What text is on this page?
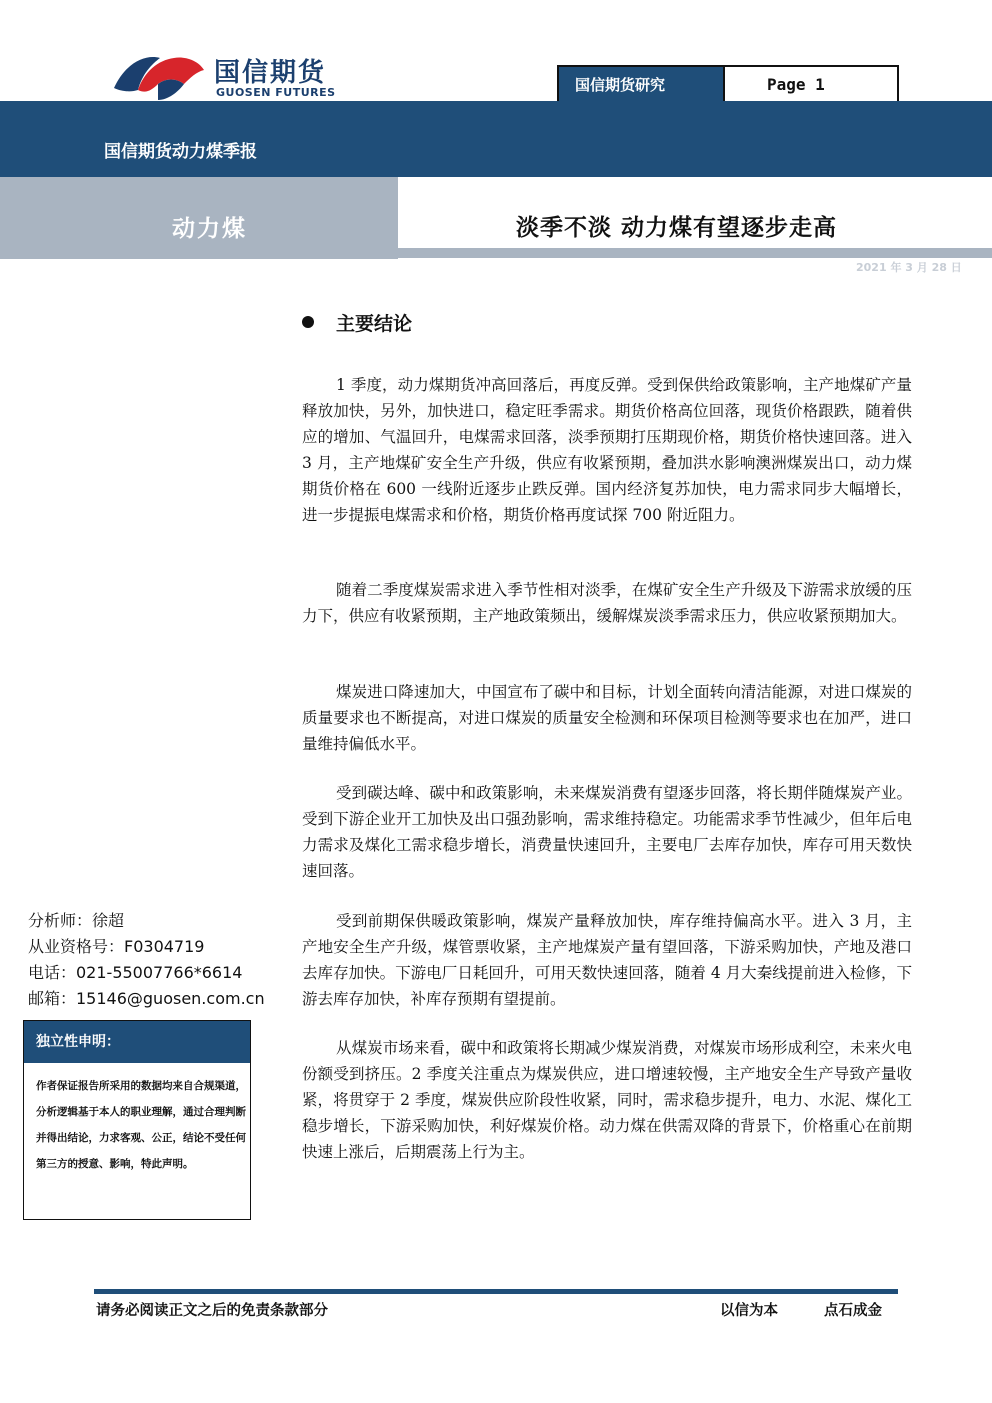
国信期货
GUOSEN FUTURES	国信期货研究	Page 1
国信期货动力煤季报
动力煤	淡季不淡 动力煤有望逐步走高
2021 年 3 月 28 日
主要结论

1 季度，动力煤期货冲高回落后，再度反弹。受到保供给政策影响，主产地煤矿产量释放加快，另外，加快进口，稳定旺季需求。期货价格高位回落，现货价格跟跌，随着供应的增加、气温回升，电煤需求回落，淡季预期打压期现价格，期货价格快速回落。进入 3 月，主产地煤矿安全生产升级，供应有收紧预期，叠加洪水影响澳洲煤炭出口，动力煤期货价格在 600 一线附近逐步止跌反弹。国内经济复苏加快，电力需求同步大幅增长，进一步提振电煤需求和价格，期货价格再度试探 700 附近阻力。

随着二季度煤炭需求进入季节性相对淡季，在煤矿安全生产升级及下游需求放缓的压力下，供应有收紧预期，主产地政策频出，缓解煤炭淡季需求压力，供应收紧预期加大。

煤炭进口降速加大，中国宣布了碳中和目标，计划全面转向清洁能源，对进口煤炭的质量要求也不断提高，对进口煤炭的质量安全检测和环保项目检测等要求也在加严，进口量维持偏低水平。

受到碳达峰、碳中和政策影响，未来煤炭消费有望逐步回落，将长期伴随煤炭产业。受到下游企业开工加快及出口强劲影响，需求维持稳定。功能需求季节性减少，但年后电力需求及煤化工需求稳步增长，消费量快速回升，主要电厂去库存加快，库存可用天数快速回落。

受到前期保供暖政策影响，煤炭产量释放加快，库存维持偏高水平。进入 3 月，主产地安全生产升级，煤管票收紧，主产地煤炭产量有望回落，下游采购加快，产地及港口去库存加快。下游电厂日耗回升，可用天数快速回落，随着 4 月大秦线提前进入检修，下游去库存加快，补库存预期有望提前。

从煤炭市场来看，碳中和政策将长期减少煤炭消费，对煤炭市场形成利空，未来火电份额受到挤压。2 季度关注重点为煤炭供应，进口增速较慢，主产地安全生产导致产量收紧，将贯穿于 2 季度，煤炭供应阶段性收紧，同时，需求稳步提升，电力、水泥、煤化工稳步增长，下游采购加快，利好煤炭价格。动力煤在供需双降的背景下，价格重心在前期快速上涨后，后期震荡上行为主。

分析师：徐超
从业资格号：F0304719
电话：021-55007766*6614
邮箱：15146@guosen.com.cn
独立性申明：
作者保证报告所采用的数据均来自合规渠道，分析逻辑基于本人的职业理解，通过合理判断 并得出结论，力求客观、公正，结论不受任何第三方的授意、影响，特此声明。
请务必阅读正文之后的免责条款部分	以信为本	点石成金
